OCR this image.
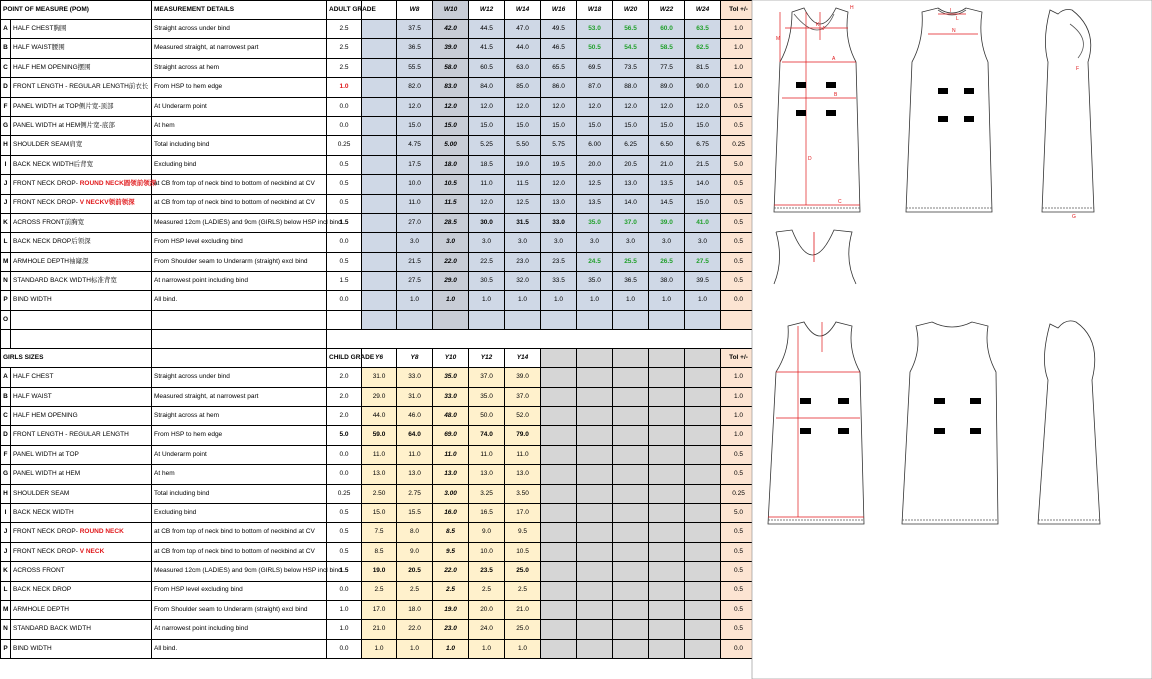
POINT OF MEASURE (POM)		MEASUREMENT DETAILS	ADULT GRADE		W8	W10	W12	W14	W16	W18	W20	W22	W24	Tol +/-
A	HALF CHEST胸围	Straight across under bind	2.5		37.5	42.0	44.5	47.0	49.5	53.0	56.5	60.0	63.5	1.0
B	HALF WAIST腰围	Measured straight, at narrowest part	2.5		36.5	39.0	41.5	44.0	46.5	50.5	54.5	58.5	62.5	1.0
C	HALF HEM OPENING摆围	Straight across at hem	2.5		55.5	58.0	60.5	63.0	65.5	69.5	73.5	77.5	81.5	1.0
D	FRONT LENGTH - REGULAR LENGTH前衣长	From HSP to hem edge	1.0		82.0	83.0	84.0	85.0	86.0	87.0	88.0	89.0	90.0	1.0
F	PANEL WIDTH at TOP侧片宽-顶部	At Underarm point	0.0		12.0	12.0	12.0	12.0	12.0	12.0	12.0	12.0	12.0	0.5
G	PANEL WIDTH at HEM侧片宽-底部	At hem	0.0		15.0	15.0	15.0	15.0	15.0	15.0	15.0	15.0	15.0	0.5
H	SHOULDER SEAM肩宽	Total including bind	0.25		4.75	5.00	5.25	5.50	5.75	6.00	6.25	6.50	6.75	0.25
I	BACK NECK WIDTH后背宽	Excluding bind	0.5		17.5	18.0	18.5	19.0	19.5	20.0	20.5	21.0	21.5	5.0
J	FRONT NECK DROP- ROUND NECK圆领前领深	at CB from top of neck bind to bottom of neckbind at CV	0.5		10.0	10.5	11.0	11.5	12.0	12.5	13.0	13.5	14.0	0.5
J	FRONT NECK DROP- V NECKV领前领深	at CB from top of neck bind to bottom of neckbind at CV	0.5		11.0	11.5	12.0	12.5	13.0	13.5	14.0	14.5	15.0	0.5
K	ACROSS FRONT前胸宽	Measured 12cm (LADIES) and 9cm (GIRLS) below HSP incl bind	1.5		27.0	28.5	30.0	31.5	33.0	35.0	37.0	39.0	41.0	0.5
L	BACK NECK DROP后领深	From HSP level excluding bind	0.0		3.0	3.0	3.0	3.0	3.0	3.0	3.0	3.0	3.0	0.5
M	ARMHOLE DEPTH袖窿深	From Shoulder seam to Underarm (straight) excl bind	0.5		21.5	22.0	22.5	23.0	23.5	24.5	25.5	26.5	27.5	0.5
N	STANDARD BACK WIDTH标准背宽	At narrowest point including bind	1.5		27.5	29.0	30.5	32.0	33.5	35.0	36.5	38.0	39.5	0.5
P	BIND WIDTH	All bind.	0.0		1.0	1.0	1.0	1.0	1.0	1.0	1.0	1.0	1.0	0.0
O														

GIRLS SIZES			CHILD GRADE	Y6	Y8	Y10	Y12	Y14						Tol +/-
A	HALF CHEST	Straight across under bind	2.0	31.0	33.0	35.0	37.0	39.0						1.0
B	HALF WAIST	Measured straight, at narrowest part	2.0	29.0	31.0	33.0	35.0	37.0						1.0
C	HALF HEM OPENING	Straight across at hem	2.0	44.0	46.0	48.0	50.0	52.0						1.0
D	FRONT LENGTH - REGULAR LENGTH	From HSP to hem edge	5.0	59.0	64.0	69.0	74.0	79.0						1.0
F	PANEL WIDTH at TOP	At Underarm point	0.0	11.0	11.0	11.0	11.0	11.0						0.5
G	PANEL WIDTH at HEM	At hem	0.0	13.0	13.0	13.0	13.0	13.0						0.5
H	SHOULDER SEAM	Total including bind	0.25	2.50	2.75	3.00	3.25	3.50						0.25
I	BACK NECK WIDTH	Excluding bind	0.5	15.0	15.5	16.0	16.5	17.0						5.0
J	FRONT NECK DROP- ROUND NECK	at CB from top of neck bind to bottom of neckbind at CV	0.5	7.5	8.0	8.5	9.0	9.5						0.5
J	FRONT NECK DROP- V NECK	at CB from top of neck bind to bottom of neckbind at CV	0.5	8.5	9.0	9.5	10.0	10.5						0.5
K	ACROSS FRONT	Measured 12cm (LADIES) and 9cm (GIRLS) below HSP incl bind	1.5	19.0	20.5	22.0	23.5	25.0						0.5
L	BACK NECK DROP	From HSP level excluding bind	0.0	2.5	2.5	2.5	2.5	2.5						0.5
M	ARMHOLE DEPTH	From Shoulder seam to Underarm (straight) excl bind	1.0	17.0	18.0	19.0	20.0	21.0						0.5
N	STANDARD BACK WIDTH	At narrowest point including bind	1.0	21.0	22.0	23.0	24.0	25.0						0.5
P	BIND WIDTH	All bind.	0.0	1.0	1.0	1.0	1.0	1.0						0.0
A
B
C
D
K
J
M
H
N
I
L
F
G
